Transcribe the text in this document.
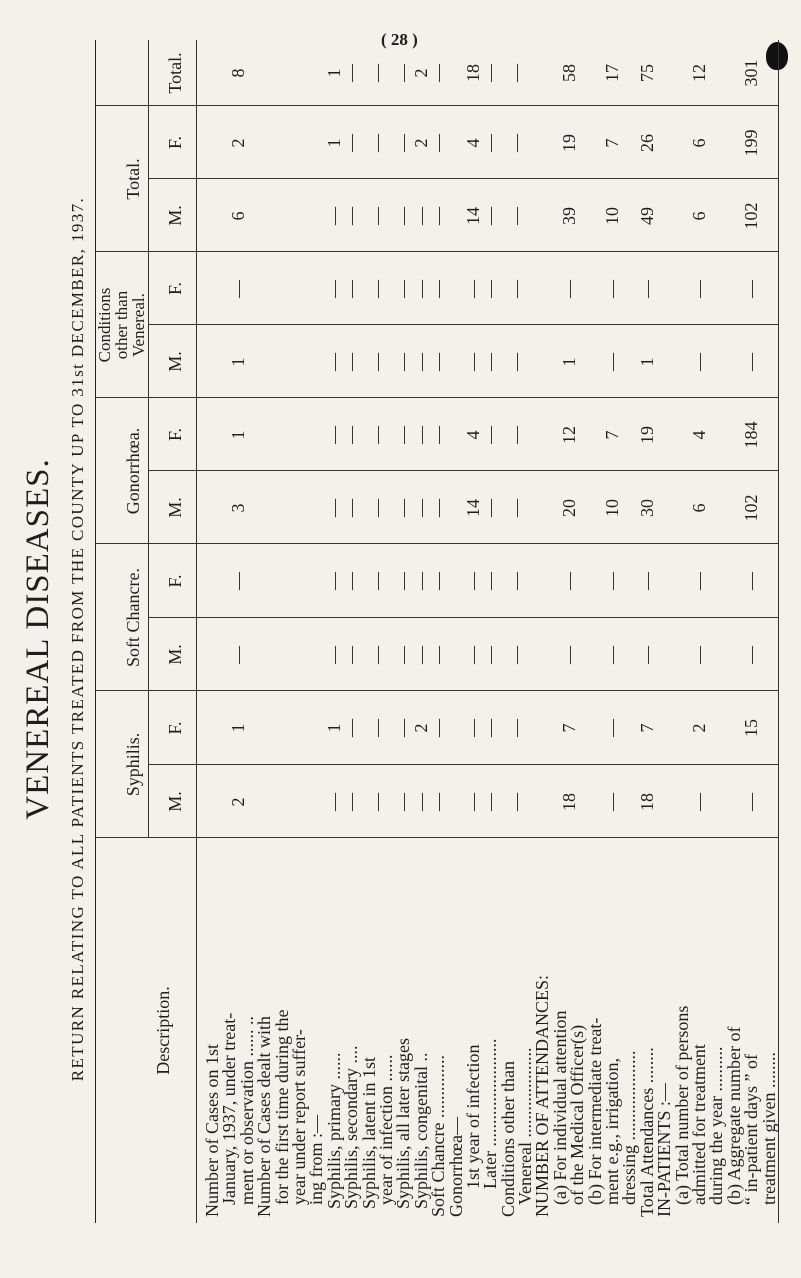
( 28 )
VENEREAL DISEASES. RETURN RELATING TO ALL PATIENTS TREATED FROM THE COUNTY UP TO 31st DECEMBER, 1937.	Description.
Syphilis.
Soft Chancre.
Gonorrhœa.
Conditions
other than
Venereal.
Total.
Total.
M.
F.
M.
F.
M.
F.
M.
F.
M.
F.
Number of Cases on 1st
January, 1937, under treat-
ment or observation ...... ..
Number of Cases dealt with
for the first time during the
year under report suffer-
ing from :—
Syphilis, primary ......
Syphilis, secondary ....
Syphilis, latent in 1st
year of infection ......
Syphilis, all later stages
Syphilis, congenital ..
Soft Chancre ..............
Gonorrhœa—
1st year of infection
Later ........................
Conditions other than
Venereal ....................
NUMBER OF ATTENDANCES:
(a) For individual attention
of the Medical Officer(s)
(b) For intermediate treat-
ment e.g., irrigation,
dressing ....................
Total Attendances ........
IN-PATIENTS :—
(a) Total number of persons
admitted for treatment
during the year ..........
(b) Aggregate number of
“ in-patient days ” of
treatment given ........
2
1
—
—
3
1
1
—
6
2
8
—
1
—
—
—
—
—
—
—
1
1
—
—
—
—
—
—
—
—
—
—
—
—
—
—
—
—
—
—
—
—
—
—
—
—
—
—
—
—
—
—
—
—
—
—
2
—
—
—
—
—
—
—
2
2
—
—
—
—
—
—
—
—
—
—
—
—
—
—
—
14
4
—
—
14
4
18
—
—
—
—
—
—
—
—
—
—
—
—
—
—
—
—
—
—
—
—
—
—
18
7
—
—
20
12
1
—
39
19
58
—
—
—
—
10
7
—
—
10
7
17
18
7
—
—
30
19
1
—
49
26
75
—
2
—
—
6
4
—
—
6
6
12
—
15
—
—
102
184
—
—
102
199
301
